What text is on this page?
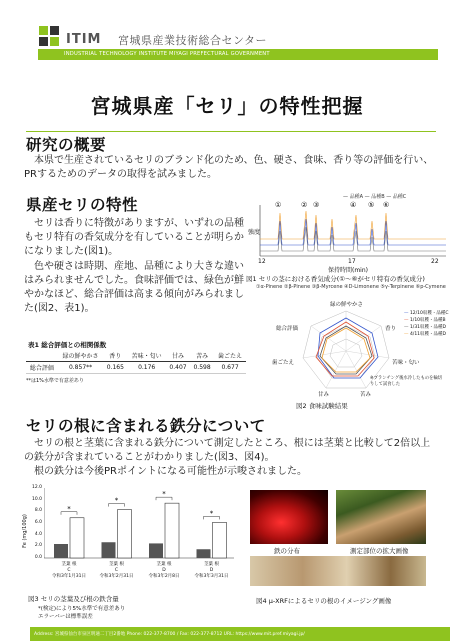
ITIM 宮城県産業技術総合センター
INDUSTRIAL TECHNOLOGY INSTITUTE MIYAGI PREFECTURAL GOVERNMENT
宮城県産「セリ」の特性把握
研究の概要
本県で生産されているセリのブランド化のため、色、硬さ、食味、香り等の評価を行い、PRするためのデータの取得を試みました。
県産セリの特性
セリは香りに特徴がありますが、いずれの品種もセリ特有の香気成分を有していることが明らかになりました(図1)。
色や硬さは時期、産地、品種により大きな違いはみられませんでした。食味評価では、緑色が鮮やかなほど、総合評価は高まる傾向がみられました(図2、表1)。
— 品種A — 品種B — 品種C
強度
①	② ③	④ ⑤ ⑥
12	17	22
保持時間(min)
図1 セリの茎における香気成分(①～⑥がセリ特有の香気成分)
①α-Pinene ②β-Pinene ③β-Myrcene ④D-Limonene ⑤γ-Terpinene ⑥p-Cymene
緑の鮮やかさ
香り
苦味・匂い
苦み
甘み
歯ごたえ
総合評価
— 12/10収穫・品種C
— 1/10収穫・品種B
— 1/31収穫・品種D
— 4/11収穫・品種D
※ブランチング後水冷したものを輪切りして試食した
図2 食味試験結果
表1 総合評価との相関係数
	緑の鮮やかさ	香り	苦味・匂い	甘み	苦み	歯ごたえ
総合評価	0.857**	0.165	0.176	0.407	0.598	0.677
**は1%水準で有意差あり
セリの根に含まれる鉄分について
セリの根と茎葉に含まれる鉄分について測定したところ、根には茎葉と比較して2倍以上の鉄分が含まれていることがわかりました(図3、図4)。
根の鉄分は今後PRポイントになる可能性が示唆されました。
Fe (mg/100g)
0.0
2.0
4.0
6.0
8.0
10.0
12.0
*
*
*
*
茎葉 根
C
令和3年1月31日
茎葉 根
C
令和3年2月31日
茎葉 根
D
令和3年2月8日
茎葉 根
D
令和3年3月31日
図3 セリの茎葉及び根の鉄含量
*(検定)により5%水準で有意差あり
エラーバーは標準誤差
鉄の分布	測定部位の拡大画像
図4 μ-XRFによるセリの根のイメージング画像
Address: 宮城県仙台市泉区明通二丁目2番地 Phone: 022-377-8700 / Fax: 022-377-8712 URL: https://www.mit.pref.miyagi.jp/
